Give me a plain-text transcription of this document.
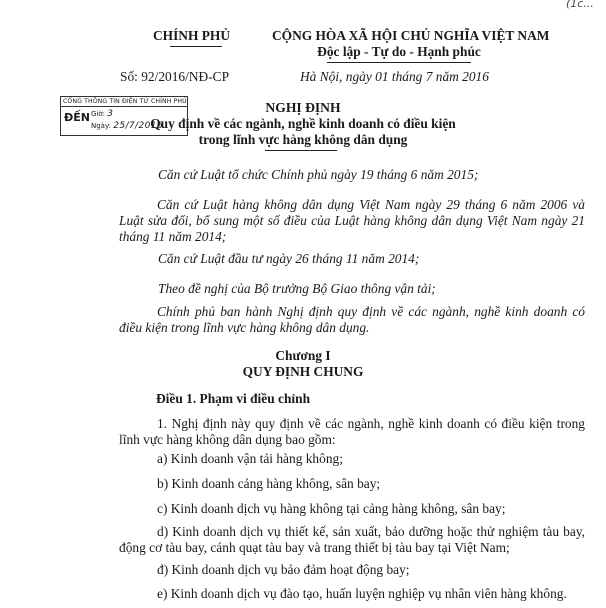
(1c...
CHÍNH PHỦ	CỘNG HÒA XÃ HỘI CHỦ NGHĨA VIỆT NAM
Độc lập - Tự do - Hạnh phúc
Số: 92/2016/NĐ-CP	Hà Nội, ngày 01 tháng 7 năm 2016
CỔNG THÔNG TIN ĐIỆN TỬ CHÍNH PHỦ
ĐẾN Giờ: 3
Ngày: 25/7/2016
NGHỊ ĐỊNH
Quy định về các ngành, nghề kinh doanh có điều kiện
trong lĩnh vực hàng không dân dụng

Căn cứ Luật tổ chức Chính phủ ngày 19 tháng 6 năm 2015;

Căn cứ Luật hàng không dân dụng Việt Nam ngày 29 tháng 6 năm 2006 và Luật sửa đổi, bổ sung một số điều của Luật hàng không dân dụng Việt Nam ngày 21 tháng 11 năm 2014;

Căn cứ Luật đầu tư ngày 26 tháng 11 năm 2014;

Theo đề nghị của Bộ trưởng Bộ Giao thông vận tải;

Chính phủ ban hành Nghị định quy định về các ngành, nghề kinh doanh có điều kiện trong lĩnh vực hàng không dân dụng.

Chương I
QUY ĐỊNH CHUNG
Điều 1. Phạm vi điều chỉnh

1. Nghị định này quy định về các ngành, nghề kinh doanh có điều kiện trong lĩnh vực hàng không dân dụng bao gồm:

a) Kinh doanh vận tải hàng không;

b) Kinh doanh cảng hàng không, sân bay;

c) Kinh doanh dịch vụ hàng không tại cảng hàng không, sân bay;

d) Kinh doanh dịch vụ thiết kế, sản xuất, bảo dưỡng hoặc thử nghiệm tàu bay, động cơ tàu bay, cánh quạt tàu bay và trang thiết bị tàu bay tại Việt Nam;

đ) Kinh doanh dịch vụ bảo đảm hoạt động bay;

e) Kinh doanh dịch vụ đào tạo, huấn luyện nghiệp vụ nhân viên hàng không.
